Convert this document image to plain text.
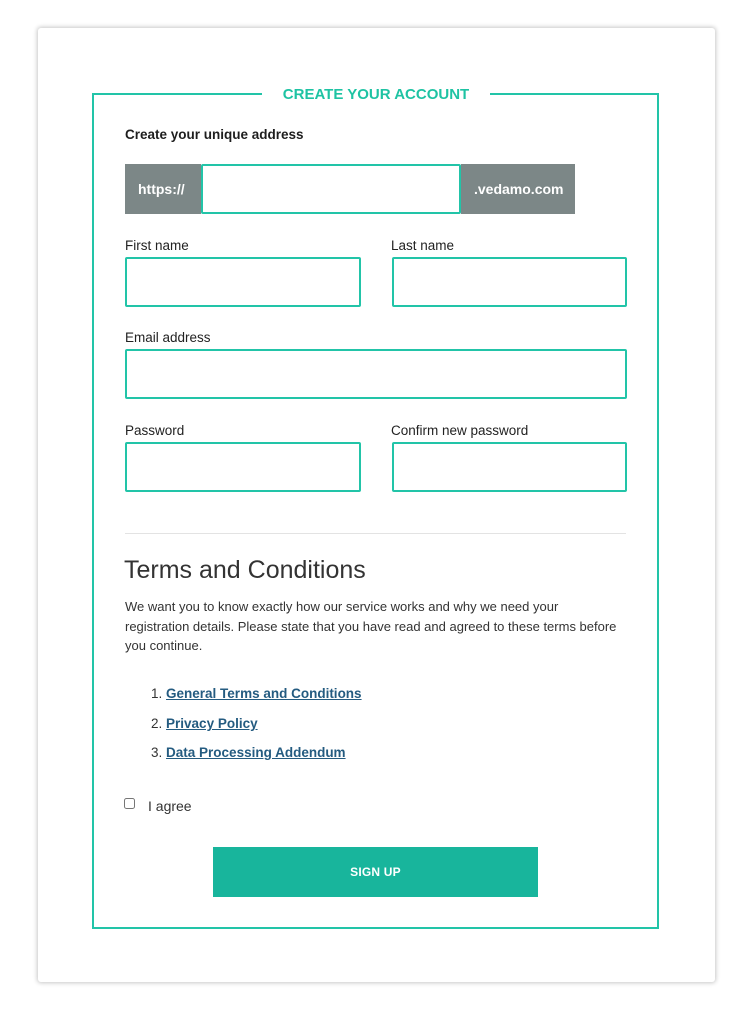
CREATE YOUR ACCOUNT
Create your unique address
https://	.vedamo.com
First name	Last name
Email address
Password	Confirm new password
Terms and Conditions
We want you to know exactly how our service works and why we need your registration details. Please state that you have read and agreed to these terms before you continue.
1. General Terms and Conditions
2. Privacy Policy
3. Data Processing Addendum
I agree
SIGN UP
